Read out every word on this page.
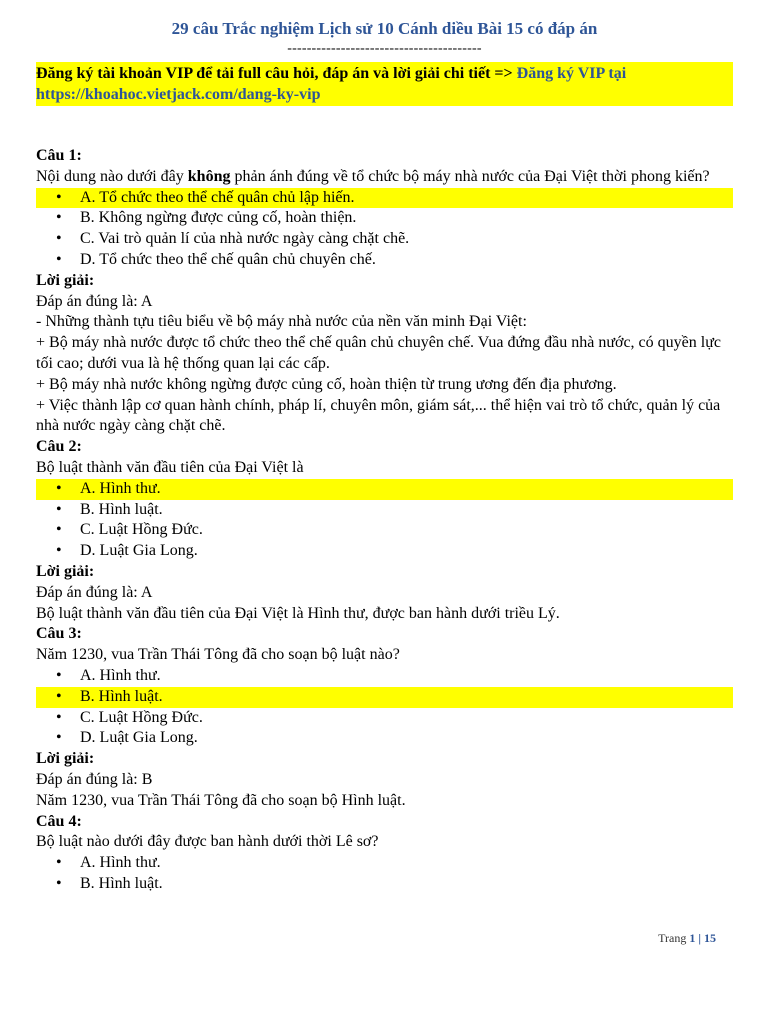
29 câu Trắc nghiệm Lịch sử 10 Cánh diều Bài 15 có đáp án
----------------------------------------
Đăng ký tài khoản VIP để tải full câu hỏi, đáp án và lời giải chi tiết => Đăng ký VIP tại https://khoahoc.vietjack.com/dang-ky-vip
Câu 1:
Nội dung nào dưới đây không phản ánh đúng về tổ chức bộ máy nhà nước của Đại Việt thời phong kiến?
• A. Tổ chức theo thể chế quân chủ lập hiến.
• B. Không ngừng được củng cố, hoàn thiện.
• C. Vai trò quản lí của nhà nước ngày càng chặt chẽ.
• D. Tổ chức theo thể chế quân chủ chuyên chế.
Lời giải:
Đáp án đúng là: A
- Những thành tựu tiêu biểu về bộ máy nhà nước của nền văn minh Đại Việt:
+ Bộ máy nhà nước được tổ chức theo thể chế quân chủ chuyên chế. Vua đứng đầu nhà nước, có quyền lực tối cao; dưới vua là hệ thống quan lại các cấp.
+ Bộ máy nhà nước không ngừng được củng cố, hoàn thiện từ trung ương đến địa phương.
+ Việc thành lập cơ quan hành chính, pháp lí, chuyên môn, giám sát,... thể hiện vai trò tổ chức, quản lý của nhà nước ngày càng chặt chẽ.
Câu 2:
Bộ luật thành văn đầu tiên của Đại Việt là
• A. Hình thư.
• B. Hình luật.
• C. Luật Hồng Đức.
• D. Luật Gia Long.
Lời giải:
Đáp án đúng là: A
Bộ luật thành văn đầu tiên của Đại Việt là Hình thư, được ban hành dưới triều Lý.
Câu 3:
Năm 1230, vua Trần Thái Tông đã cho soạn bộ luật nào?
• A. Hình thư.
• B. Hình luật.
• C. Luật Hồng Đức.
• D. Luật Gia Long.
Lời giải:
Đáp án đúng là: B
Năm 1230, vua Trần Thái Tông đã cho soạn bộ Hình luật.
Câu 4:
Bộ luật nào dưới đây được ban hành dưới thời Lê sơ?
• A. Hình thư.
• B. Hình luật.
Trang 1 | 15
